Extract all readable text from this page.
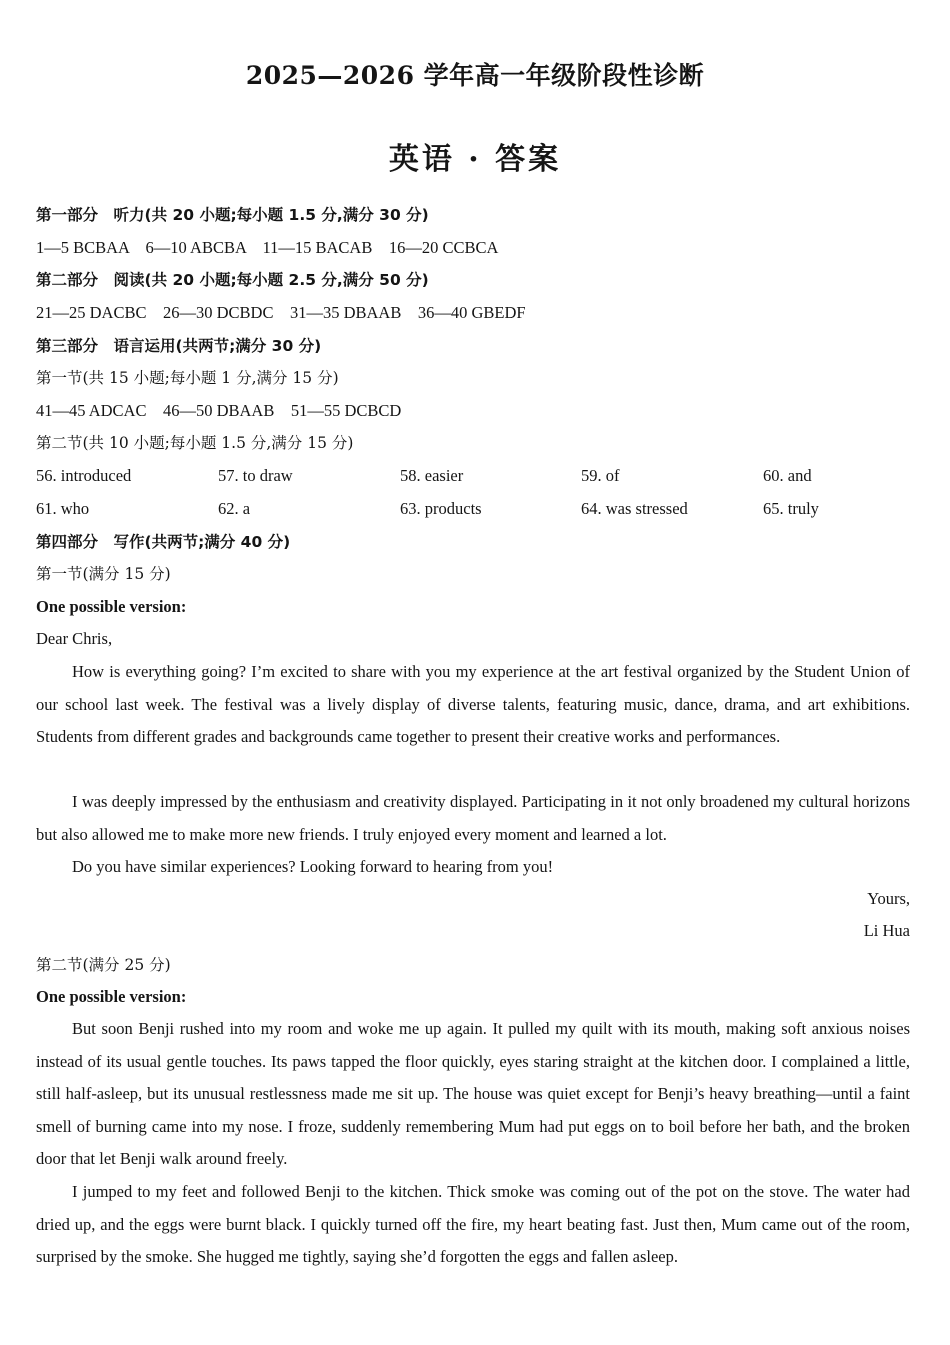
2025—2026 学年高一年级阶段性诊断
英语 · 答案
第一部分　听力(共 20 小题;每小题 1.5 分,满分 30 分)
1—5 BCBAA　6—10 ABCBA　11—15 BACAB　16—20 CCBCA
第二部分　阅读(共 20 小题;每小题 2.5 分,满分 50 分)
21—25 DACBC　26—30 DCBDC　31—35 DBAAB　36—40 GBEDF
第三部分　语言运用(共两节;满分 30 分)
第一节(共 15 小题;每小题 1 分,满分 15 分)
41—45 ADCAC　46—50 DBAAB　51—55 DCBCD
第二节(共 10 小题;每小题 1.5 分,满分 15 分)
56. introduced	57. to draw	58. easier	59. of	60. and
61. who	62. a	63. products	64. was stressed	65. truly
第四部分　写作(共两节;满分 40 分)
第一节(满分 15 分)
One possible version:
Dear Chris,

How is everything going? I’m excited to share with you my experience at the art festival organized by the Student Union of our school last week. The festival was a lively display of diverse talents, featuring music, dance, drama, and art exhibitions. Students from different grades and backgrounds came together to present their creative works and performances.

I was deeply impressed by the enthusiasm and creativity displayed. Participating in it not only broadened my cultural horizons but also allowed me to make more new friends. I truly enjoyed every moment and learned a lot.

Do you have similar experiences? Looking forward to hearing from you!

Yours,
Li Hua
第二节(满分 25 分)
One possible version:

But soon Benji rushed into my room and woke me up again. It pulled my quilt with its mouth, making soft anxious noises instead of its usual gentle touches. Its paws tapped the floor quickly, eyes staring straight at the kitchen door. I complained a little, still half-asleep, but its unusual restlessness made me sit up. The house was quiet except for Benji’s heavy breathing—until a faint smell of burning came into my nose. I froze, suddenly remembering Mum had put eggs on to boil before her bath, and the broken door that let Benji walk around freely.

I jumped to my feet and followed Benji to the kitchen. Thick smoke was coming out of the pot on the stove. The water had dried up, and the eggs were burnt black. I quickly turned off the fire, my heart beating fast. Just then, Mum came out of the room, surprised by the smoke. She hugged me tightly, saying she’d forgotten the eggs and fallen asleep.
